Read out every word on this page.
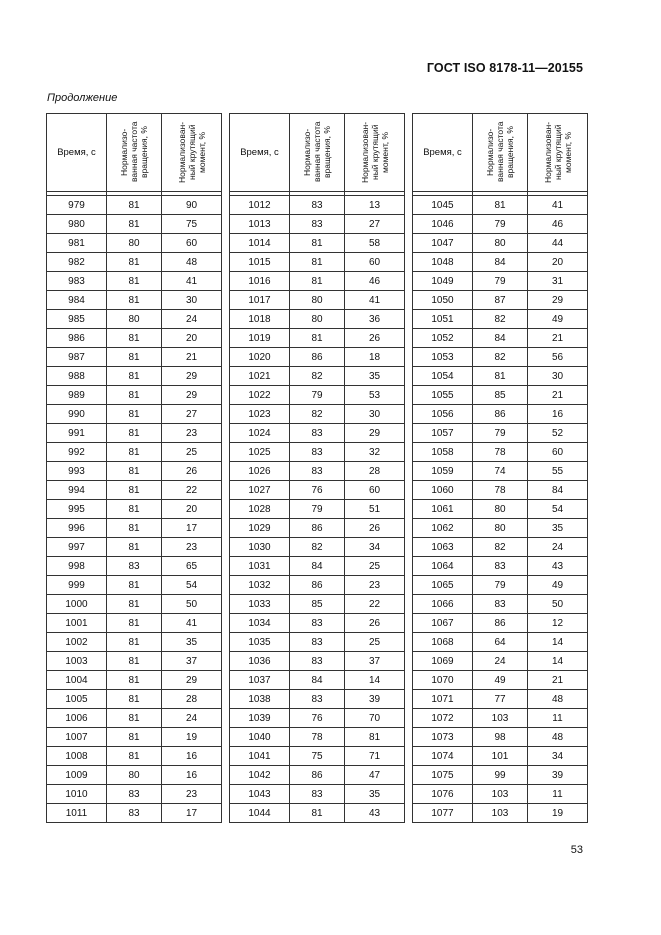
ГОСТ ISO 8178-11—20155
Продолжение
Время, с	Нормализо-ванная частота вращения, %	Нормализован-ный крутящий момент, %

979	81	90
980	81	75
981	80	60
982	81	48
983	81	41
984	81	30
985	80	24
986	81	20
987	81	21
988	81	29
989	81	29
990	81	27
991	81	23
992	81	25
993	81	26
994	81	22
995	81	20
996	81	17
997	81	23
998	83	65
999	81	54
1000	81	50
1001	81	41
1002	81	35
1003	81	37
1004	81	29
1005	81	28
1006	81	24
1007	81	19
1008	81	16
1009	80	16
1010	83	23
1011	83	17
Время, с	Нормализо-ванная частота вращения, %	Нормализован-ный крутящий момент, %

1012	83	13
1013	83	27
1014	81	58
1015	81	60
1016	81	46
1017	80	41
1018	80	36
1019	81	26
1020	86	18
1021	82	35
1022	79	53
1023	82	30
1024	83	29
1025	83	32
1026	83	28
1027	76	60
1028	79	51
1029	86	26
1030	82	34
1031	84	25
1032	86	23
1033	85	22
1034	83	26
1035	83	25
1036	83	37
1037	84	14
1038	83	39
1039	76	70
1040	78	81
1041	75	71
1042	86	47
1043	83	35
1044	81	43
Время, с	Нормализо-ванная частота вращения, %	Нормализован-ный крутящий момент, %

1045	81	41
1046	79	46
1047	80	44
1048	84	20
1049	79	31
1050	87	29
1051	82	49
1052	84	21
1053	82	56
1054	81	30
1055	85	21
1056	86	16
1057	79	52
1058	78	60
1059	74	55
1060	78	84
1061	80	54
1062	80	35
1063	82	24
1064	83	43
1065	79	49
1066	83	50
1067	86	12
1068	64	14
1069	24	14
1070	49	21
1071	77	48
1072	103	11
1073	98	48
1074	101	34
1075	99	39
1076	103	11
1077	103	19
53
